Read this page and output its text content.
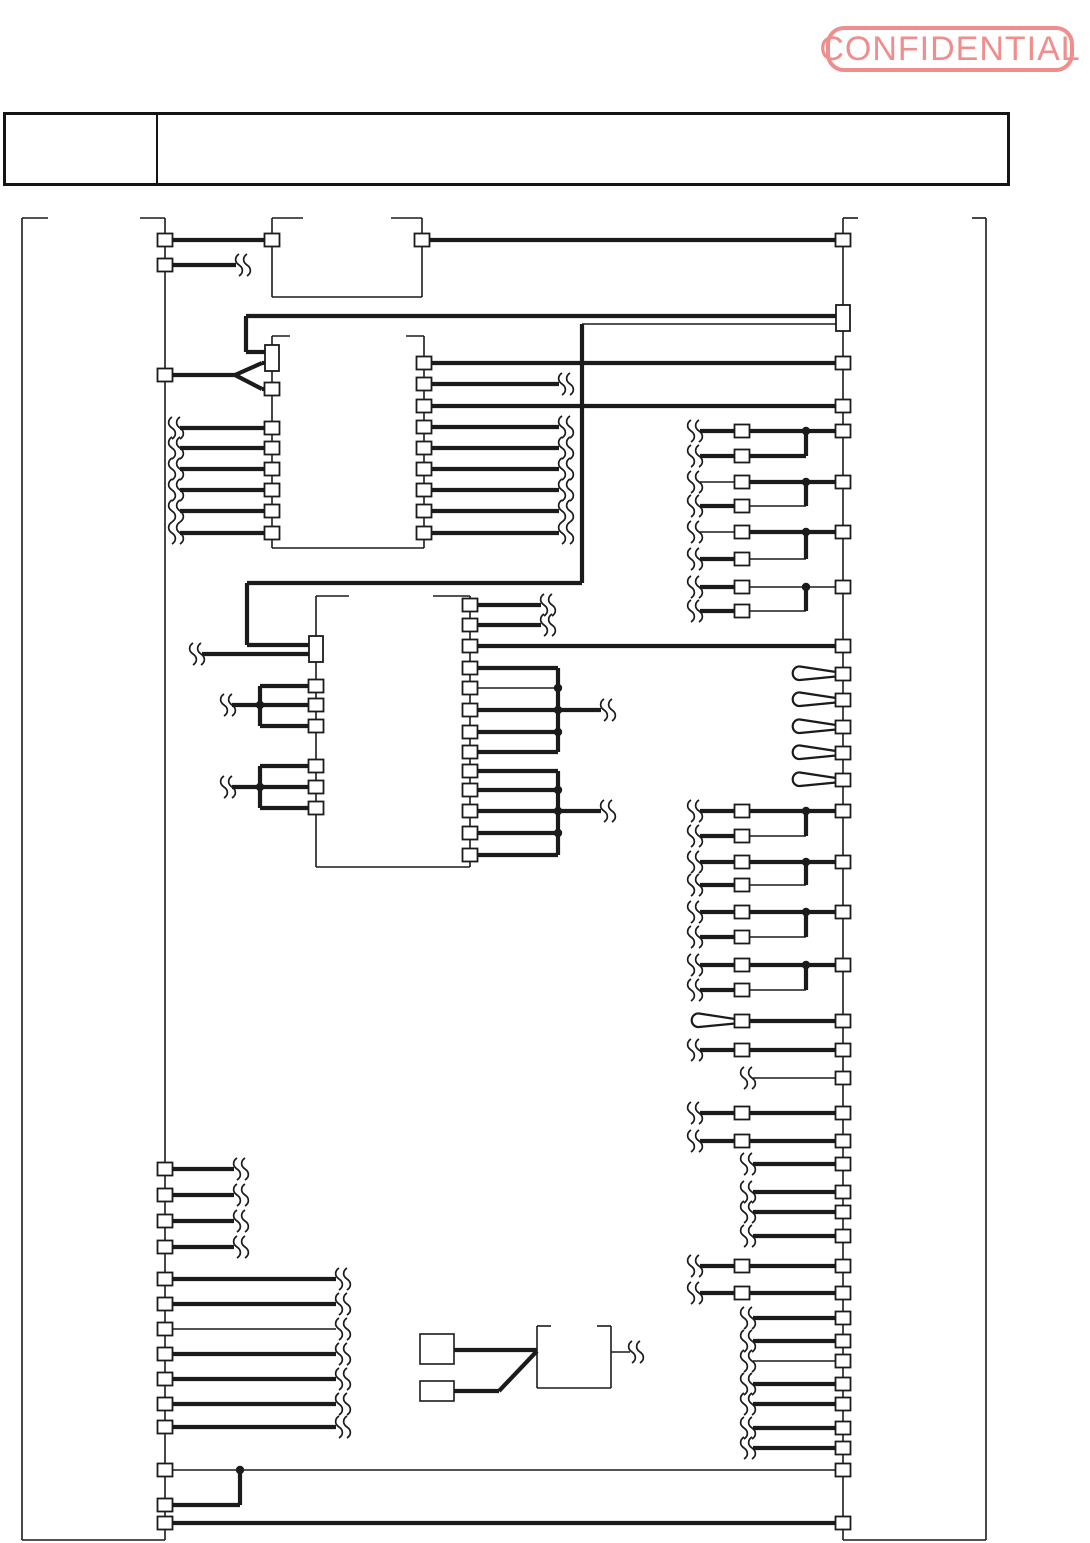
CONFIDENTIAL
